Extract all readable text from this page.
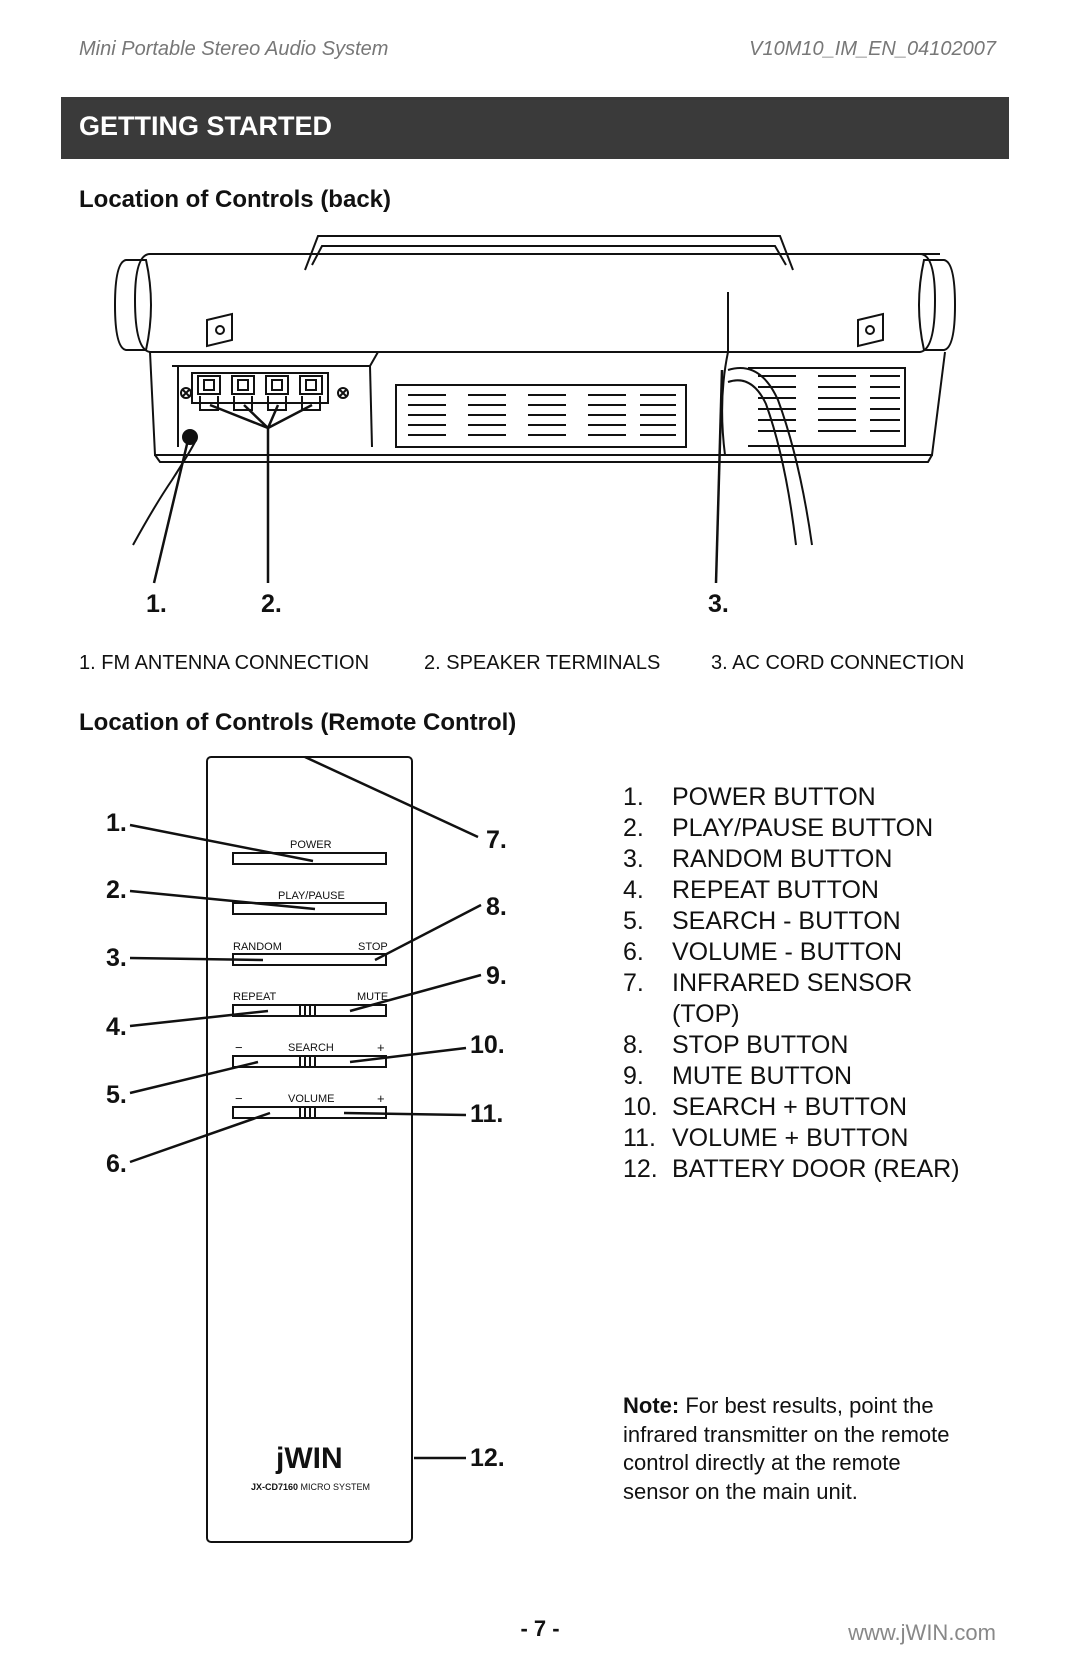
Mini Portable Stereo Audio System	V10M10_IM_EN_04102007
GETTING STARTED
Location of Controls (back)
1.	2.	3.
1. FM ANTENNA CONNECTION	2. SPEAKER TERMINALS	3. AC CORD CONNECTION
Location of Controls (Remote Control)
POWER
PLAY/PAUSE
RANDOM	STOP
REPEAT	MUTE
−	SEARCH	+
−	VOLUME	+
jWIN
JX-CD7160 MICRO SYSTEM
1.
2.
3.
4.
5.
6.
7.
8.
9.
10.
11.
12.
1.	POWER BUTTON
2.	PLAY/PAUSE BUTTON
3.	RANDOM BUTTON
4.	REPEAT BUTTON
5.	SEARCH - BUTTON
6.	VOLUME - BUTTON
7.	INFRARED SENSOR (TOP)
8.	STOP BUTTON
9.	MUTE BUTTON
10. SEARCH + BUTTON
11. VOLUME + BUTTON
12. BATTERY DOOR (REAR)
Note: For best results, point the infrared transmitter on the remote control directly at the remote sensor on the main unit.
- 7 -	www.jWIN.com
